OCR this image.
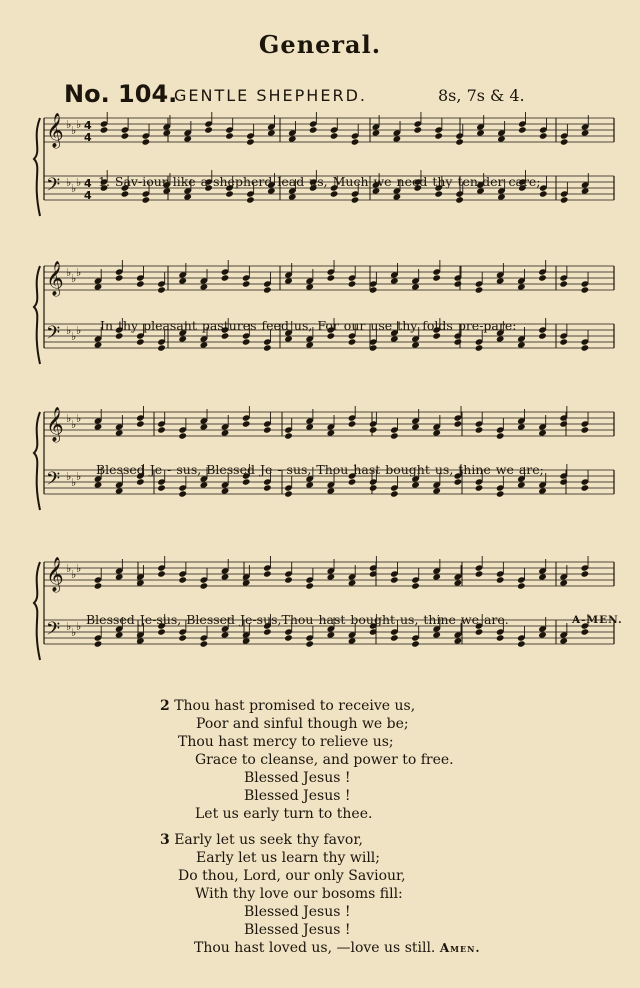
General.
No. 104.
GENTLE SHEPHERD.	8s, 7s & 4.
𝄞 ♭ ♭ ♭ 4
4
𝄢 ♭ ♭ ♭ 4
4
𝄞 ♭ ♭ ♭
𝄢 ♭ ♭ ♭
𝄞 ♭ ♭ ♭
𝄢 ♭ ♭ ♭
𝄞 ♭ ♭ ♭
𝄢 ♭ ♭ ♭
1. Sav-iour like a shepherd lead us, Much we need thy ten-der care;
In thy pleasant pastures feed us, For our use thy folds pre-pare:
Blessed Je - sus, Blessed Je - sus, Thou hast bought us, thine we are;
Blessed Je-sus, Blessed Je-sus,Thou hast bought us, thine we are.	A-MEN.
2 Thou hast promised to receive us,
Poor and sinful though we be;
Thou hast mercy to relieve us;
Grace to cleanse, and power to free.
Blessed Jesus !
Blessed Jesus !
Let us early turn to thee.
3 Early let us seek thy favor,
Early let us learn thy will;
Do thou, Lord, our only Saviour,
With thy love our bosoms fill:
Blessed Jesus !
Blessed Jesus !
Thou hast loved us, —love us still. Amen.
